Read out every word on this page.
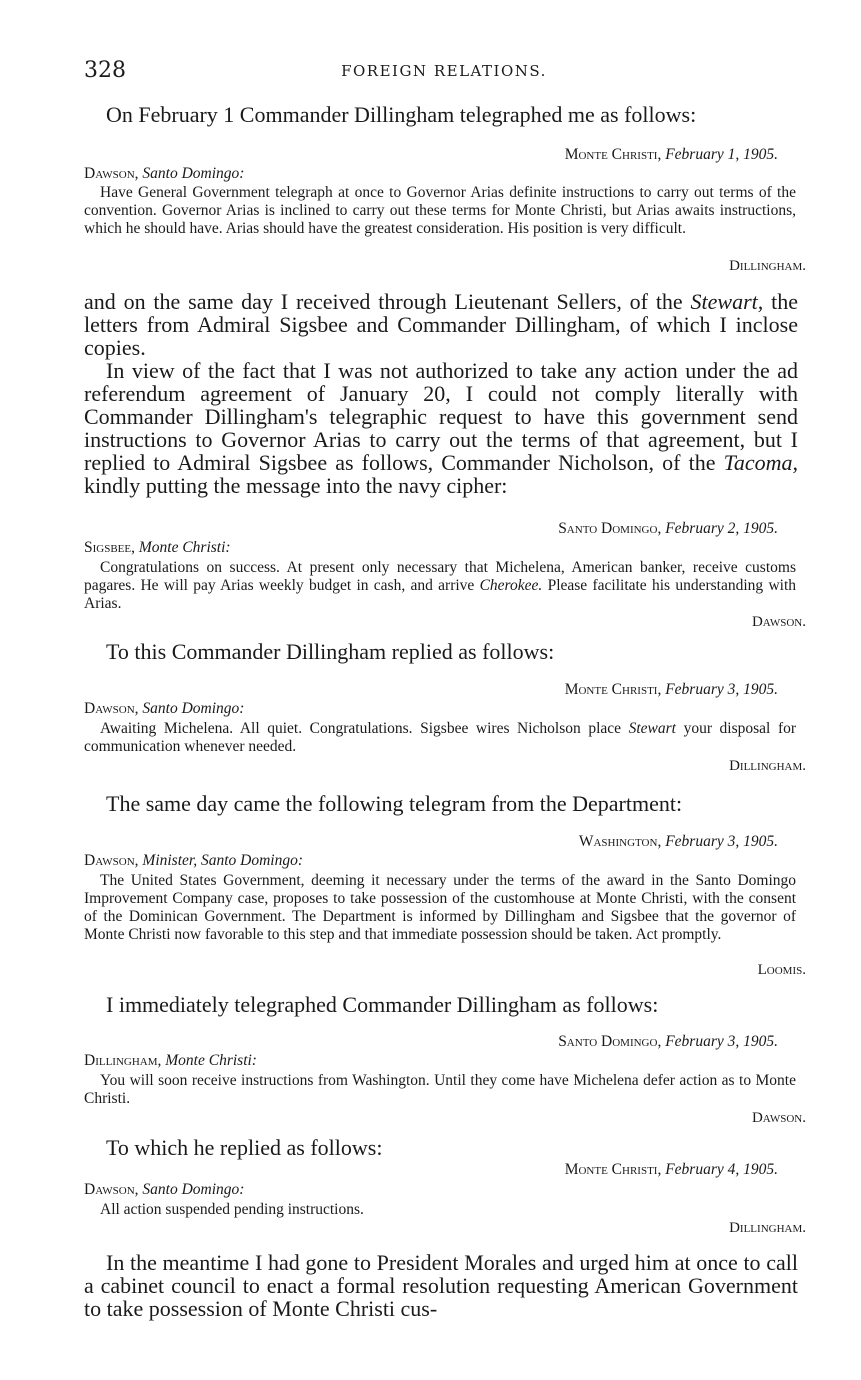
328	FOREIGN RELATIONS.

On February 1 Commander Dillingham telegraphed me as follows:

Monte Christi, February 1, 1905.
Dawson, Santo Domingo:

Have General Government telegraph at once to Governor Arias definite instructions to carry out terms of the convention. Governor Arias is inclined to carry out these terms for Monte Christi, but Arias awaits instructions, which he should have. Arias should have the greatest consideration. His position is very difficult.

Dillingham.

and on the same day I received through Lieutenant Sellers, of the Stewart, the letters from Admiral Sigsbee and Commander Dillingham, of which I inclose copies.

In view of the fact that I was not authorized to take any action under the ad referendum agreement of January 20, I could not comply literally with Commander Dillingham's telegraphic request to have this government send instructions to Governor Arias to carry out the terms of that agreement, but I replied to Admiral Sigsbee as follows, Commander Nicholson, of the Tacoma, kindly putting the message into the navy cipher:

Santo Domingo, February 2, 1905.
Sigsbee, Monte Christi:

Congratulations on success. At present only necessary that Michelena, American banker, receive customs pagares. He will pay Arias weekly budget in cash, and arrive Cherokee. Please facilitate his understanding with Arias.

Dawson.

To this Commander Dillingham replied as follows:

Monte Christi, February 3, 1905.
Dawson, Santo Domingo:

Awaiting Michelena. All quiet. Congratulations. Sigsbee wires Nicholson place Stewart your disposal for communication whenever needed.

Dillingham.

The same day came the following telegram from the Department:

Washington, February 3, 1905.
Dawson, Minister, Santo Domingo:

The United States Government, deeming it necessary under the terms of the award in the Santo Domingo Improvement Company case, proposes to take possession of the customhouse at Monte Christi, with the consent of the Dominican Government. The Department is informed by Dillingham and Sigsbee that the governor of Monte Christi now favorable to this step and that immediate possession should be taken. Act promptly.

Loomis.

I immediately telegraphed Commander Dillingham as follows:

Santo Domingo, February 3, 1905.
Dillingham, Monte Christi:

You will soon receive instructions from Washington. Until they come have Michelena defer action as to Monte Christi.

Dawson.

To which he replied as follows:

Monte Christi, February 4, 1905.
Dawson, Santo Domingo:

All action suspended pending instructions.

Dillingham.

In the meantime I had gone to President Morales and urged him at once to call a cabinet council to enact a formal resolution requesting American Government to take possession of Monte Christi cus-
